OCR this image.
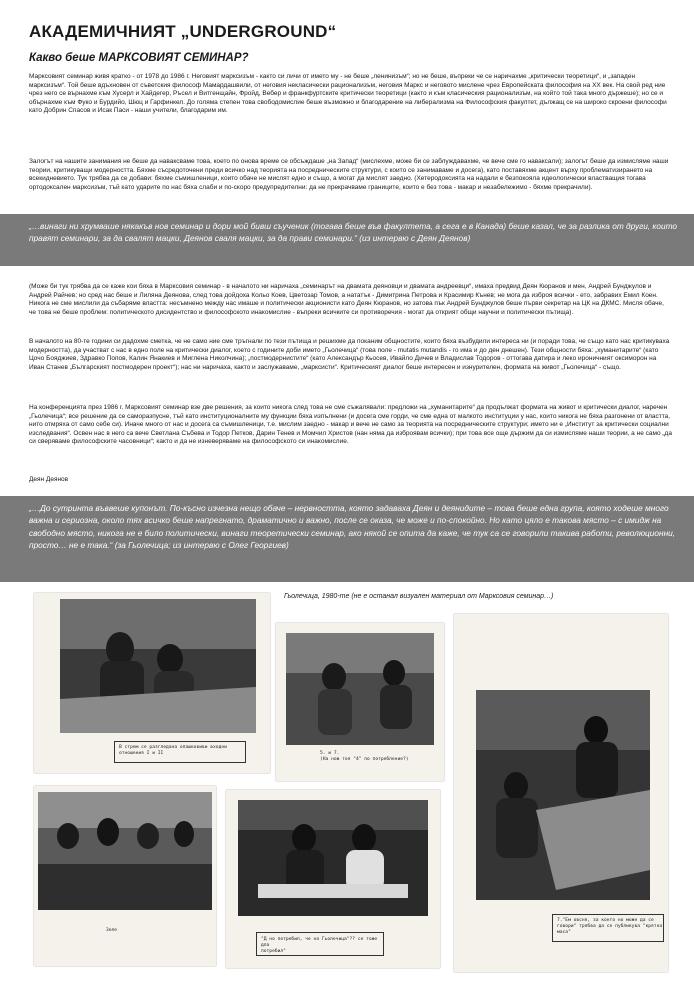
АКАДЕМИЧНИЯТ „UNDERGROUND“
Какво беше МАРКСОВИЯТ СЕМИНАР?

Марксовият семинар живя кратко - от 1978 до 1986 г. Неговият марксизъм - както си личи от името му - не беше „ленинизъм“; но не беше, въпреки че се наричахме „критически теоретици“, и „западен марксизъм“. Той беше вдъхновен от съветския философ Мамардашвили, от неговия некласически рационализъм, неговия Маркс и неговото мислене чрез Европейската философия на XX век. На свой ред ние чрез него се върнахме към Хусерл и Хайдегер, Ръсел и Витгенщайн, Фройд, Вебер и франкфуртските критически теоретици (както и към класическия рационализъм, на който той така много държеше); но се и обърнахме към Фуко и Бурдийо, Шюц и Гарфинкел. До голяма степен това свободомислие беше възможно и благодарение на либерализма на Философския факултет, дължащ се на широко скроени философи като Добрин Спасов и Исак Паси - наши учители, благодарим им.

Залогът на нашите занимания не беше да наваксваме това, което по онова време се обсъждаше „на Запад“ (мислехме, може би се заблуждавахме, че вече сме го наваксали); залогът беше да измисляме наши теории, критикуващи модерността. Бяхме съсредоточени преди всичко над теорията на посредническите структури, с които се занимаваме и досега), като поставяхме акцент върху проблематизирането на всекидневието. Тук трябва да се добави: бяхме съмишленици, които обаче не мислят едно и също, а могат да мислят заедно. (Хетеродоксията на надали е безпокояла идеологически властващия тогава ортодоксален марксизъм, тъй като ударите по нас бяха слаби и по-скоро предупредителни: да не прекрачваме границите, които е без това - макар и незабележимо - бяхме прекрачили).

„…винаги ни хрумваше някакъв нов семинар и дори мой бивш съученик (тогава беше във факултета, а сега е в Канада) беше казал, че за разлика от други, които правят семинари, за да свалят мацки, Деянов сваля мацки, за да прави семинари.“ (из интервю с Деян Деянов)

(Може би тук трябва да се каже кои бяха в Марксовия семинар - в началото ни наричаха „семинарът на двамата деяновци и двамата андреевци“, имаха предвид Деян Кюранов и мен, Андрей Бунджулов и Андрей Райчев; но сред нас беше и Лиляна Деянова, след това дойдоха Кольо Коев, Цветозар Томов, а нататък - Димитрина Петрова и Красимир Кънев; не мога да изброя всички - ето, забравих Емил Коен. Никога не сме мислили да събаряме властта: несъмнено между нас имаше и политически акционисти като Деян Кюранов, но затова пък Андрей Бунджулов беше първи секретар на ЦК на ДКМС. Мисля обаче, че това не беше проблем: политическото дисидентство и философското инакомислие - въпреки всичките си противоречия - могат да открият общи научни и политически пътища).

В началото на 80-те години си дадохме сметка, че не само ние сме тръгнали по тези пътища и решихме да поканим общностите, които бяха възбудили интереса ни (и поради това, че също като нас критикуваха модерността), да участват с нас в едно поле на критически диалог, което с годините доби името „Гьолечица“ (това поле - mutatis mutandis - го има и до ден днешен). Тези общности бяха: „хуманитарите“ (като Цочо Бояджиев, Здравко Попов, Калин Янакиев и Миглена Николчина); „постмодернистите“ (като Александър Кьосев, Ивайло Дичев и Владислав Тодоров - оттогава датира и леко ироничният оксиморон на Иван Станев „Българският постмодерен проект“); нас ни наричаха, както и заслужаваме, „марксисти“. Критическият диалог беше интересен и изнурителен, формата на живот „Гьолечица“ - също.

На конференцията през 1986 г. Марксовият семинар взе две решения, за които никога след това не сме съжалявали: предложи на „хуманитарите“ да продължат формата на живот и критически диалог, наречен „Гьолечица“; все решение да се саморазпусне, тъй като институционалните му функции бяха изпълнени (и досега сме горди, че сме една от малкото институции у нас, които никога не бяха разгонени от властта, нито отмряха от само себе си). Иначе много от нас и досега са съмишленици, т.е. мислим заедно - макар и вече не само за теорията на посредническите структури; името ни е „Институт за критически социални изследвания“. Освен нас в него са вече Светлана Събева и Тодор Петков, Дарин Тенев и Момчил Христов (нан няма да изброявам всички); при това все още държим да си измисляме наши теории, а не само „да си сверяваме философските часовници“; както и да не изневеряваме на философското си инакомислие.

Деян Деянов

„…До сутринта въввеше купонът. По-късно изчезна нещо обаче – нервността, която задаваха Деян и деянидите – това беше една група, която ходеше много важна и сериозна, около тях всичко беше напрегнато, драматично и важно, после се оказа, че може и по-спокойно. Но като цяло е такова място – с имидж на свободно място, никога не е било политически, винаги теоретически семинар, ако някой се опита да каже, че тук са се говорили такива работи, революционни, просто… не е така.“ (за Гьолечица; из интервю с Олег Георгиев)

Гьолечица, 1980-те (не е останал визуален материал от Марксовия семинар…)

В стрем се разгледана опашковиви входни
отношения I и II	5. и 7.
(На нож тоя "4" по потребление?)

Зеле

"Д но потребил, че на Гьолечица"?? се тоже дла
потребил"

7."Ем овсня, за конто но може да се
говори" трябва да се публикува "крятна
маса"
